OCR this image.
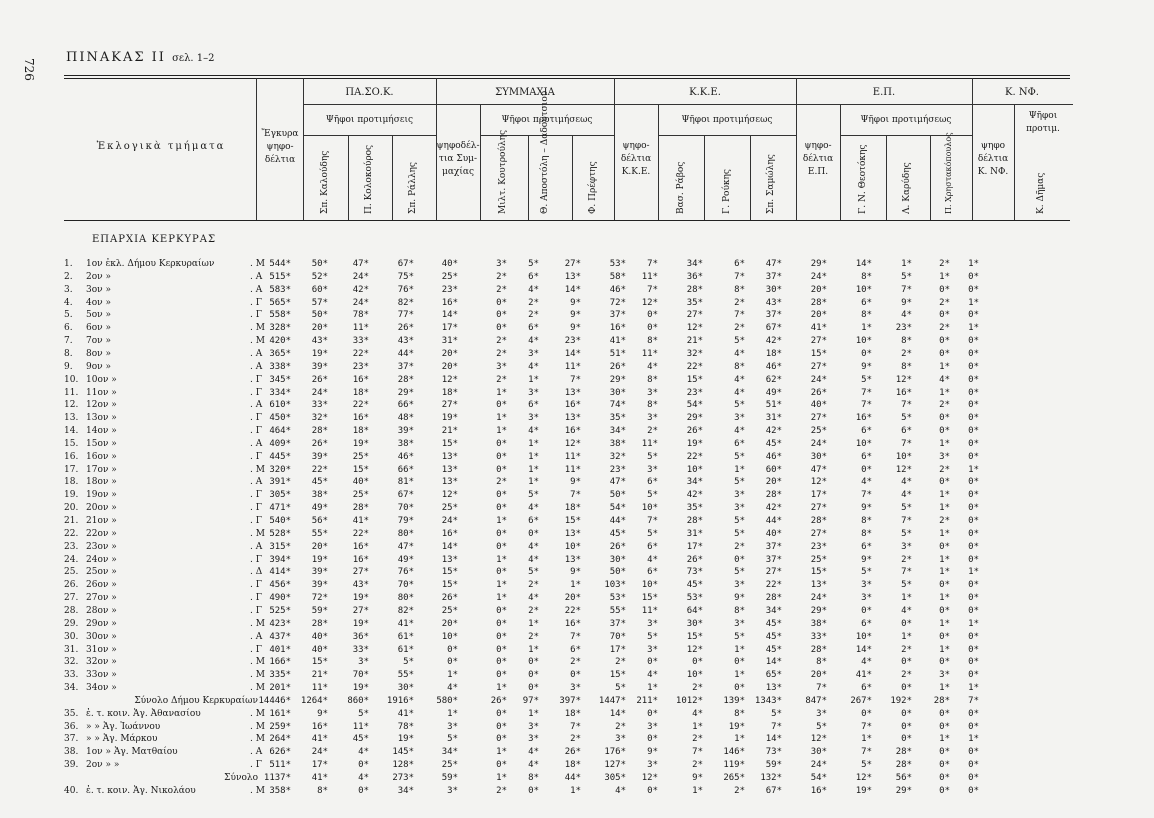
726
ΠΙΝΑΚΑΣ ΙΙ σελ. 1–2
Ἐκλογικὰ τμήματα
Ἔγκυρα
ψηφο-
δέλτια
ΠΑ.ΣΟ.Κ.	ΣΥΜΜΑΧΙΑ	Κ.Κ.Ε.	Ε.Π.	Κ. ΝΦ.
Ψῆφοι προτιμήσεις	Ψῆφοι προτιμήσεως	Ψῆφοι προτιμήσεως	Ψῆφοι προτιμήσεως	Ψῆφοι προτιμ.
ψηφοδέλ-
τια Συμ-
μαχίας
ψηφο-
δέλτια
Κ.Κ.Ε.
ψηφο-
δέλτια
Ε.Π.
ψηφο
δέλτια
Κ. ΝΦ.
Σπ. Καλούδης	Π. Κολοκούρος	Σπ. Ράλλης	Μιλτ. Κουτρούλης	Θ. Αποστόλη – Δαδούτσιου	Φ. Πρέφτης	Βασ. Ράβος	Γ. Ρούκης	Σπ. Σαμώλης	Γ. Ν. Θεοτόκης	Λ. Καρύδης	Π. Χρηστακόπουλος	Κ. Δῆμας
ΕΠΑΡΧΙΑ ΚΕΡΚΥΡΑΣ
1. 1ον ἐκλ. Δήμου Κερκυραίων	. Μ 544*	50*	47*	67*	40*	3*	5*	27*	53*	7*	34*	6*	47*	29*	14*	1*	2*	1*
2. 2ον »	. Α 515*	52*	24*	75*	25*	2*	6*	13*	58*	11*	36*	7*	37*	24*	8*	5*	1*	0*
3. 3ον »	. Α 583*	60*	42*	76*	23*	2*	4*	14*	46*	7*	28*	8*	30*	20*	10*	7*	0*	0*
4. 4ον »	. Γ 565*	57*	24*	82*	16*	0*	2*	9*	72*	12*	35*	2*	43*	28*	6*	9*	2*	1*
5. 5ον »	. Γ 558*	50*	78*	77*	14*	0*	2*	9*	37*	0*	27*	7*	37*	20*	8*	4*	0*	0*
6. 6ον »	. Μ 328*	20*	11*	26*	17*	0*	6*	9*	16*	0*	12*	2*	67*	41*	1*	23*	2*	1*
7. 7ον »	. Μ 420*	43*	33*	43*	31*	2*	4*	23*	41*	8*	21*	5*	42*	27*	10*	8*	0*	0*
8. 8ον »	. Α 365*	19*	22*	44*	20*	2*	3*	14*	51*	11*	32*	4*	18*	15*	0*	2*	0*	0*
9. 9ον »	. Α 338*	39*	23*	37*	20*	3*	4*	11*	26*	4*	22*	8*	46*	27*	9*	8*	1*	0*
10. 10ον »	. Γ 345*	26*	16*	28*	12*	2*	1*	7*	29*	8*	15*	4*	62*	24*	5*	12*	4*	0*
11. 11ον »	. Γ 334*	24*	18*	29*	18*	1*	3*	13*	30*	3*	23*	4*	49*	26*	7*	16*	1*	0*
12. 12ον »	. Α 610*	33*	22*	66*	27*	0*	6*	16*	74*	8*	54*	5*	51*	40*	7*	7*	2*	0*
13. 13ον »	. Γ 450*	32*	16*	48*	19*	1*	3*	13*	35*	3*	29*	3*	31*	27*	16*	5*	0*	0*
14. 14ον »	. Γ 464*	28*	18*	39*	21*	1*	4*	16*	34*	2*	26*	4*	42*	25*	6*	6*	0*	0*
15. 15ον »	. Α 409*	26*	19*	38*	15*	0*	1*	12*	38*	11*	19*	6*	45*	24*	10*	7*	1*	0*
16. 16ον »	. Γ 445*	39*	25*	46*	13*	0*	1*	11*	32*	5*	22*	5*	46*	30*	6*	10*	3*	0*
17. 17ον »	. Μ 320*	22*	15*	66*	13*	0*	1*	11*	23*	3*	10*	1*	60*	47*	0*	12*	2*	1*
18. 18ον »	. Α 391*	45*	40*	81*	13*	2*	1*	9*	47*	6*	34*	5*	20*	12*	4*	4*	0*	0*
19. 19ον »	. Γ 305*	38*	25*	67*	12*	0*	5*	7*	50*	5*	42*	3*	28*	17*	7*	4*	1*	0*
20. 20ον »	. Γ 471*	49*	28*	70*	25*	0*	4*	18*	54*	10*	35*	3*	42*	27*	9*	5*	1*	0*
21. 21ον »	. Γ 540*	56*	41*	79*	24*	1*	6*	15*	44*	7*	28*	5*	44*	28*	8*	7*	2*	0*
22. 22ον »	. Μ 528*	55*	22*	80*	16*	0*	0*	13*	45*	5*	31*	5*	40*	27*	8*	5*	1*	0*
23. 23ον »	. Α 315*	20*	16*	47*	14*	0*	4*	10*	26*	6*	17*	2*	37*	23*	6*	3*	0*	0*
24. 24ον »	. Γ 394*	19*	16*	49*	13*	1*	4*	13*	30*	4*	26*	0*	37*	25*	9*	2*	1*	0*
25. 25ον »	. Δ 414*	39*	27*	76*	15*	0*	5*	9*	50*	6*	73*	5*	27*	15*	5*	7*	1*	1*
26. 26ον »	. Γ 456*	39*	43*	70*	15*	1*	2*	1*	103*	10*	45*	3*	22*	13*	3*	5*	0*	0*
27. 27ον »	. Γ 490*	72*	19*	80*	26*	1*	4*	20*	53*	15*	53*	9*	28*	24*	3*	1*	1*	0*
28. 28ον »	. Γ 525*	59*	27*	82*	25*	0*	2*	22*	55*	11*	64*	8*	34*	29*	0*	4*	0*	0*
29. 29ον »	. Μ 423*	28*	19*	41*	20*	0*	1*	16*	37*	3*	30*	3*	45*	38*	6*	0*	1*	1*
30. 30ον »	. Α 437*	40*	36*	61*	10*	0*	2*	7*	70*	5*	15*	5*	45*	33*	10*	1*	0*	0*
31. 31ον »	. Γ 401*	40*	33*	61*	0*	0*	1*	6*	17*	3*	12*	1*	45*	28*	14*	2*	1*	0*
32. 32ον »	. Μ 166*	15*	3*	5*	0*	0*	0*	2*	2*	0*	0*	0*	14*	8*	4*	0*	0*	0*
33. 33ον »	. Μ 335*	21*	70*	55*	1*	0*	0*	0*	15*	4*	10*	1*	65*	20*	41*	2*	3*	0*
34. 34ον »	. Μ 201*	11*	19*	30*	4*	1*	0*	3*	5*	1*	2*	0*	13*	7*	6*	0*	1*	1*
Σύνολο Δήμου Κερκυραίων 14446*	1264*	860*	1916*	580*	26*	97*	397*	1447*	211*	1012*	139*	1343*	847*	267*	192*	28*	7*
35. ἐ. τ. κοιν. Ἁγ. Ἀθανασίου	. Μ 161*	9*	5*	41*	1*	0*	1*	18*	14*	0*	4*	8*	5*	3*	0*	0*	0*	0*
36. » » Ἁγ. Ἰωάννου	. Μ 259*	16*	11*	78*	3*	0*	3*	7*	2*	3*	1*	19*	7*	5*	7*	0*	0*	0*
37. » » Ἁγ. Μάρκου	. Μ 264*	41*	45*	19*	5*	0*	3*	2*	3*	0*	2*	1*	14*	12*	1*	0*	1*	1*
38. 1ον » Ἁγ. Ματθαίου	. Α 626*	24*	4*	145*	34*	1*	4*	26*	176*	9*	7*	146*	73*	30*	7*	28*	0*	0*
39. 2ον » »	. Γ 511*	17*	0*	128*	25*	0*	4*	18*	127*	3*	2*	119*	59*	24*	5*	28*	0*	0*
Σύνολο 1137*	41*	4*	273*	59*	1*	8*	44*	305*	12*	9*	265*	132*	54*	12*	56*	0*	0*
40. ἐ. τ. κοιν. Ἁγ. Νικολάου	. Μ 358*	8*	0*	34*	3*	2*	0*	1*	4*	0*	1*	2*	67*	16*	19*	29*	0*	0*
